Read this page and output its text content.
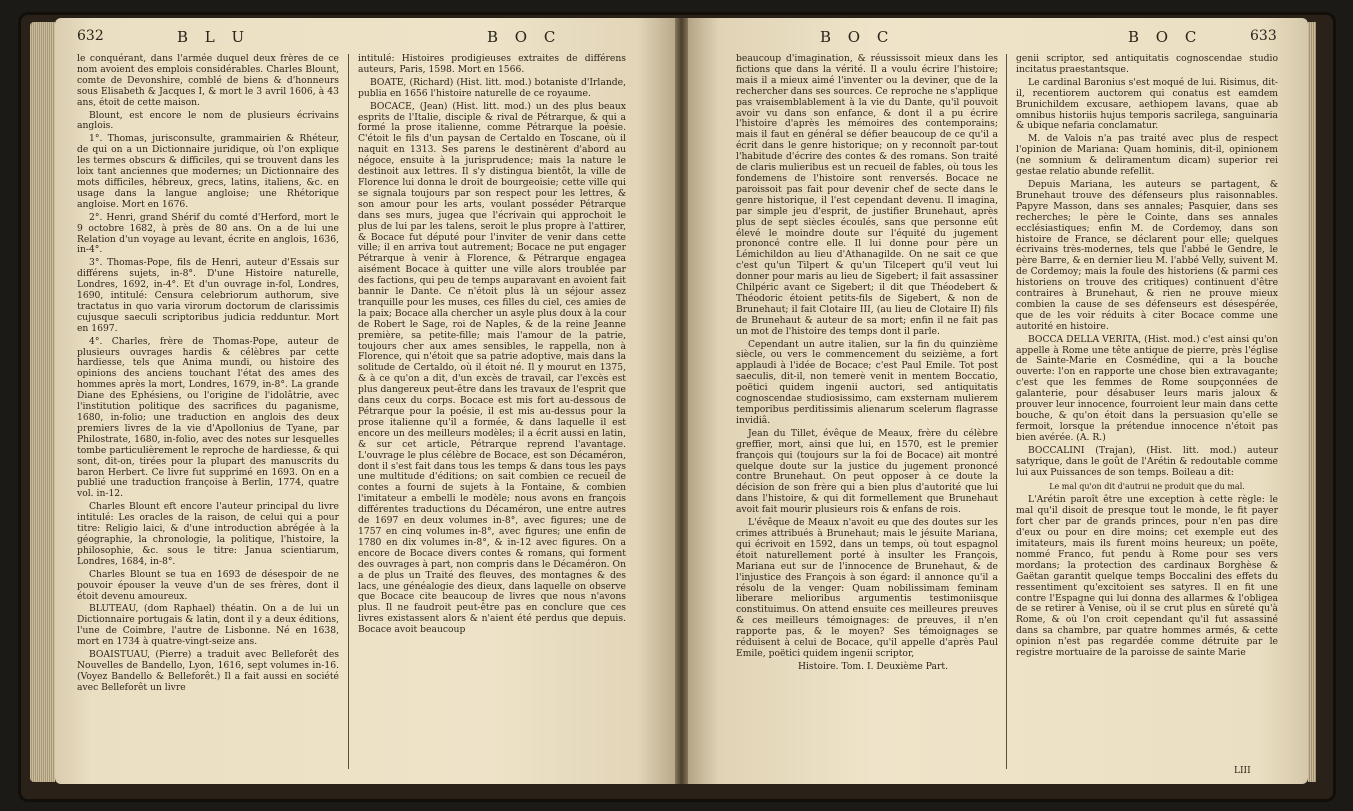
632	B L U	B O C

le conquérant, dans l'armée duquel deux frères de ce nom avoient des emplois considérables. Charles Blount, comte de Devonshire, comblé de biens & d'honneurs sous Elisabeth & Jacques I, & mort le 3 avril 1606, à 43 ans, étoit de cette maison.

Blount, est encore le nom de plusieurs écrivains anglois.

1°. Thomas, jurisconsulte, grammairien & Rhéteur, de qui on a un Dictionnaire juridique, où l'on explique les termes obscurs & difficiles, qui se trouvent dans les loix tant anciennes que modernes; un Dictionnaire des mots difficiles, hébreux, grecs, latins, italiens, &c. en usage dans la langue angloise; une Rhétorique angloise. Mort en 1676.

2°. Henri, grand Shérif du comté d'Herford, mort le 9 octobre 1682, à près de 80 ans. On a de lui une Relation d'un voyage au levant, écrite en anglois, 1636, in-4°.

3°. Thomas-Pope, fils de Henri, auteur d'Essais sur différens sujets, in-8°. D'une Histoire naturelle, Londres, 1692, in-4°. Et d'un ouvrage in-fol, Londres, 1690, intitulé: Censura celebriorum authorum, sive tractatus in quo varia virorum doctorum de clarissimis cujusque saeculi scriptoribus judicia redduntur. Mort en 1697.

4°. Charles, frère de Thomas-Pope, auteur de plusieurs ouvrages hardis & célèbres par cette hardiesse, tels que Anima mundi, ou histoire des opinions des anciens touchant l'état des ames des hommes après la mort, Londres, 1679, in-8°. La grande Diane des Ephésiens, ou l'origine de l'idolâtrie, avec l'institution politique des sacrifices du paganisme, 1680, in-folio; une traduction en anglois des deux premiers livres de la vie d'Apollonius de Tyane, par Philostrate, 1680, in-folio, avec des notes sur lesquelles tombe particulièrement le reproche de hardiesse, & qui sont, dit-on, tirées pour la plupart des manuscrits du baron Herbert. Ce livre fut supprimé en 1693. On en a publié une traduction françoise à Berlin, 1774, quatre vol. in-12.

Charles Blount eft encore l'auteur principal du livre intitulé: Les oracles de la raison, de celui qui a pour titre: Religio laici, & d'une introduction abrégée à la géographie, la chronologie, la politique, l'histoire, la philosophie, &c. sous le titre: Janua scientiarum, Londres, 1684, in-8°.

Charles Blount se tua en 1693 de désespoir de ne pouvoir épouser la veuve d'un de ses frères, dont il étoit devenu amoureux.

BLUTEAU, (dom Raphael) théatin. On a de lui un Dictionnaire portugais & latin, dont il y a deux éditions, l'une de Coimbre, l'autre de Lisbonne. Né en 1638, mort en 1734 à quatre-vingt-seize ans.

BOAISTUAU, (Pierre) a traduit avec Belleforêt des Nouvelles de Bandello, Lyon, 1616, sept volumes in-16. (Voyez Bandello & Belleforêt.) Il a fait aussi en société avec Belleforêt un livre

intitulé: Histoires prodigieuses extraites de différens auteurs, Paris, 1598. Mort en 1566.

BOATE, (Richard) (Hist. litt. mod.) botaniste d'Irlande, publia en 1656 l'histoire naturelle de ce royaume.

BOCACE, (Jean) (Hist. litt. mod.) un des plus beaux esprits de l'Italie, disciple & rival de Pétrarque, & qui a formé la prose italienne, comme Pétrarque la poésie. C'étoit le fils d'un paysan de Certaldo en Toscane, où il naquit en 1313. Ses parens le destinèrent d'abord au négoce, ensuite à la jurisprudence; mais la nature le destinoit aux lettres. Il s'y distingua bientôt, la ville de Florence lui donna le droit de bourgeoisie; cette ville qui se signala toujours par son respect pour les lettres, & son amour pour les arts, voulant posséder Pétrarque dans ses murs, jugea que l'écrivain qui approchoit le plus de lui par les talens, seroit le plus propre à l'attirer, & Bocace fut député pour l'inviter de venir dans cette ville; il en arriva tout autrement; Bocace ne put engager Pétrarque à venir à Florence, & Pétrarque engagea aisément Bocace à quitter une ville alors troublée par des factions, qui peu de temps auparavant en avoient fait bannir le Dante. Ce n'étoit plus là un séjour assez tranquille pour les muses, ces filles du ciel, ces amies de la paix; Bocace alla chercher un asyle plus doux à la cour de Robert le Sage, roi de Naples, & de la reine Jeanne première, sa petite-fille; mais l'amour de la patrie, toujours cher aux ames sensibles, le rappella, non à Florence, qui n'étoit que sa patrie adoptive, mais dans la solitude de Certaldo, où il étoit né. Il y mourut en 1375, & à ce qu'on a dit, d'un excès de travail, car l'excès est plus dangereux peut-être dans les travaux de l'esprit que dans ceux du corps. Bocace est mis fort au-dessous de Pétrarque pour la poésie, il est mis au-dessus pour la prose italienne qu'il a formée, & dans laquelle il est encore un des meilleurs modèles; il a écrit aussi en latin, & sur cet article, Pétrarque reprend l'avantage. L'ouvrage le plus célèbre de Bocace, est son Décaméron, dont il s'est fait dans tous les temps & dans tous les pays une multitude d'éditions; on sait combien ce recueil de contes a fourni de sujets à la Fontaine, & combien l'imitateur a embelli le modèle; nous avons en françois différentes traductions du Décaméron, une entre autres de 1697 en deux volumes in-8°, avec figures; une de 1757 en cinq volumes in-8°, avec figures; une enfin de 1780 en dix volumes in-8°, & in-12 avec figures. On a encore de Bocace divers contes & romans, qui forment des ouvrages à part, non compris dans le Décaméron. On a de plus un Traité des fleuves, des montagnes & des lacs, une généalogie des dieux, dans laquelle on observe que Bocace cite beaucoup de livres que nous n'avons plus. Il ne faudroit peut-être pas en conclure que ces livres existassent alors & n'aient été perdus que depuis. Bocace avoit beaucoup

B O C	B O C	633

beaucoup d'imagination, & réussissoit mieux dans les fictions que dans la vérité. Il a voulu écrire l'histoire; mais il a mieux aimé l'inventer ou la deviner, que de la rechercher dans ses sources. Ce reproche ne s'applique pas vraisemblablement à la vie du Dante, qu'il pouvoit avoir vu dans son enfance, & dont il a pu écrire l'histoire d'après les mémoires des contemporains; mais il faut en général se défier beaucoup de ce qu'il a écrit dans le genre historique; on y reconnoît par-tout l'habitude d'écrire des contes & des romans. Son traité de claris mulieribus est un recueil de fables, où tous les fondemens de l'histoire sont renversés. Bocace ne paroissoit pas fait pour devenir chef de secte dans le genre historique, il l'est cependant devenu. Il imagina, par simple jeu d'esprit, de justifier Brunehaut, après plus de sept siècles écoulés, sans que personne eût élevé le moindre doute sur l'équité du jugement prononcé contre elle. Il lui donne pour père un Lémichildon au lieu d'Athanagilde. On ne sait ce que c'est qu'un Tilpert & qu'un Tilcepert qu'il veut lui donner pour maris au lieu de Sigebert; il fait assassiner Chilpéric avant ce Sigebert; il dit que Théodebert & Théodoric étoient petits-fils de Sigebert, & non de Brunehaut; il fait Clotaire III, (au lieu de Clotaire II) fils de Brunehaut & auteur de sa mort; enfin il ne fait pas un mot de l'histoire des temps dont il parle.

Cependant un autre italien, sur la fin du quinzième siècle, ou vers le commencement du seizième, a fort applaudi à l'idée de Bocace; c'est Paul Emile. Tot post saeculis, dit-il, non temerè venit in mentem Boccatio, poëtici quidem ingenii auctori, sed antiquitatis cognoscendae studiosissimo, cam exsternam mulierem temporibus perditissimis alienarum scelerum flagrasse invidiâ.

Jean du Tillet, évêque de Meaux, frère du célèbre greffier, mort, ainsi que lui, en 1570, est le premier françois qui (toujours sur la foi de Bocace) ait montré quelque doute sur la justice du jugement prononcé contre Brunehaut. On peut opposer à ce doute la décision de son frère qui a bien plus d'autorité que lui dans l'histoire, & qui dit formellement que Brunehaut avoit fait mourir plusieurs rois & enfans de rois.

L'évêque de Meaux n'avoit eu que des doutes sur les crimes attribués à Brunehaut; mais le jésuite Mariana, qui écrivoit en 1592, dans un temps, où tout espagnol étoit naturellement porté à insulter les François, Mariana eut sur de l'innocence de Brunehaut, & de l'injustice des François à son égard: il annonce qu'il a résolu de la venger: Quam nobilissimam feminam liberare melioribus argumentis testimoniisque constituimus. On attend ensuite ces meilleures preuves & ces meilleurs témoignages: de preuves, il n'en rapporte pas, & le moyen? Ses témoignages se réduisent à celui de Bocace, qu'il appelle d'après Paul Emile, poëtici quidem ingenii scriptor,

Histoire. Tom. I. Deuxième Part.

genii scriptor, sed antiquitatis cognoscendae studio incitatus praestantsque.

Le cardinal Baronius s'est moqué de lui. Risimus, dit-il, recentiorem auctorem qui conatus est eamdem Brunichildem excusare, aethiopem lavans, quae ab omnibus historiis hujus temporis sacrilega, sanguinaria & ubique nefaria conclamatur.

M. de Valois n'a pas traité avec plus de respect l'opinion de Mariana: Quam hominis, dit-il, opinionem (ne somnium & deliramentum dicam) superior rei gestae relatio abunde refellit.

Depuis Mariana, les auteurs se partagent, & Brunehaut trouve des défenseurs plus raisonnables. Papyre Masson, dans ses annales; Pasquier, dans ses recherches; le père le Cointe, dans ses annales ecclésiastiques; enfin M. de Cordemoy, dans son histoire de France, se déclarent pour elle; quelques écrivains très-modernes, tels que l'abbé le Gendre, le père Barre, & en dernier lieu M. l'abbé Velly, suivent M. de Cordemoy; mais la foule des historiens (& parmi ces historiens on trouve des critiques) continuent d'être contraires à Brunehaut, & rien ne prouve mieux combien la cause de ses défenseurs est désespérée, que de les voir réduits à citer Bocace comme une autorité en histoire.

BOCCA DELLA VERITA, (Hist. mod.) c'est ainsi qu'on appelle à Rome une tête antique de pierre, près l'église de Sainte-Marie en Cosmédine, qui a la bouche ouverte: l'on en rapporte une chose bien extravagante; c'est que les femmes de Rome soupçonnées de galanterie, pour désabuser leurs maris jaloux & prouver leur innocence, fourroient leur main dans cette bouche, & qu'on étoit dans la persuasion qu'elle se fermoit, lorsque la prétendue innocence n'étoit pas bien avérée. (A. R.)

BOCCALINI (Trajan), (Hist. litt. mod.) auteur satyrique, dans le goût de l'Arétin & redoutable comme lui aux Puissances de son temps. Boileau a dit:

Le mal qu'on dit d'autrui ne produit que du mal.

L'Arétin paroît être une exception à cette règle: le mal qu'il disoit de presque tout le monde, le fit payer fort cher par de grands princes, pour n'en pas dire d'eux ou pour en dire moins; cet exemple eut des imitateurs, mais ils furent moins heureux; un poëte, nommé Franco, fut pendu à Rome pour ses vers mordans; la protection des cardinaux Borghèse & Gaëtan garantit quelque temps Boccalini des effets du ressentiment qu'excitoient ses satyres. Il en fit une contre l'Espagne qui lui donna des allarmes & l'obligea de se retirer à Venise, où il se crut plus en sûreté qu'à Rome, & où l'on croit cependant qu'il fut assassiné dans sa chambre, par quatre hommes armés, & cette opinion n'est pas regardée comme détruite par le registre mortuaire de la paroisse de sainte Marie

LIII
